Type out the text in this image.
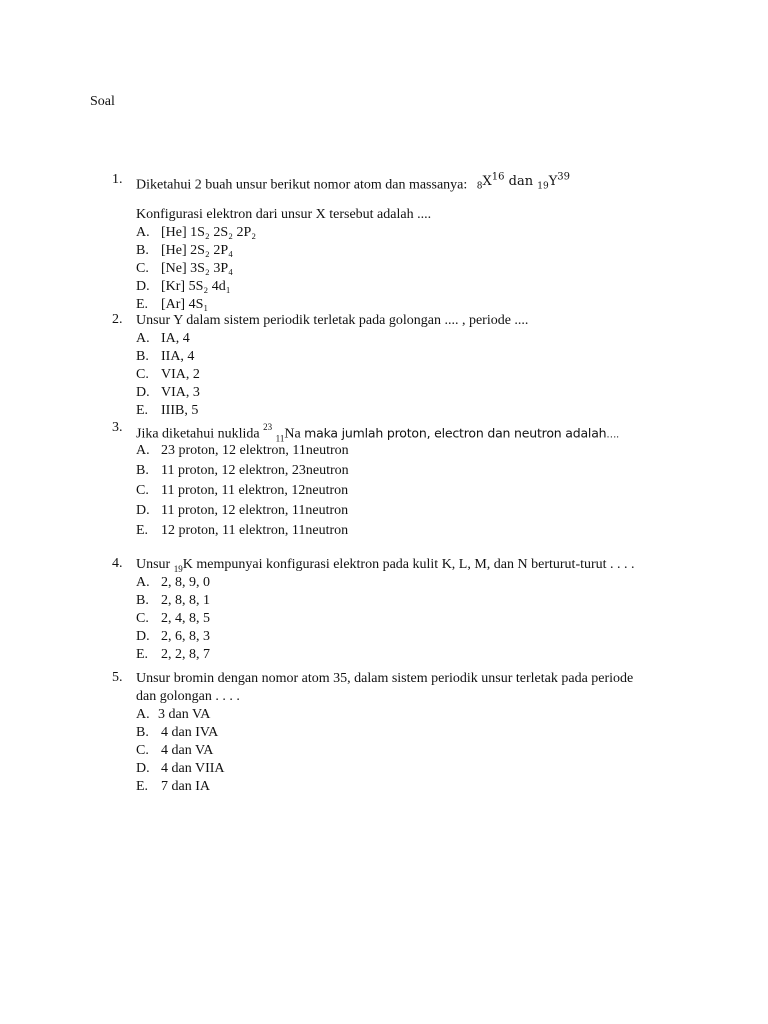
Soal
1. Diketahui 2 buah unsur berikut nomor atom dan massanya: $_8X^{16}$ dan $_{19}Y^{39}$
Konfigurasi elektron dari unsur X tersebut adalah ....
A. [He] 1S₂ 2S₂ 2P₂
B. [He] 2S₂ 2P₄
C. [Ne] 3S₂ 3P₄
D. [Kr] 5S₂ 4d₁
E. [Ar] 4S₁
2. Unsur Y dalam sistem periodik terletak pada golongan .... , periode ....
A. IA, 4
B. IIA, 4
C. VIA, 2
D. VIA, 3
E. IIIB, 5
3. Jika diketahui nuklida $^{23}$ $_{11}$Na maka jumlah proton, electron dan neutron adalah….
A. 23 proton, 12 elektron, 11neutron
B. 11 proton, 12 elektron, 23neutron
C. 11 proton, 11 elektron, 12neutron
D. 11 proton, 12 elektron, 11neutron
E. 12 proton, 11 elektron, 11neutron
4. Unsur $_{19}$K mempunyai konfigurasi elektron pada kulit K, L, M, dan N berturut-turut . . . .
A. 2, 8, 9, 0
B. 2, 8, 8, 1
C. 2, 4, 8, 5
D. 2, 6, 8, 3
E. 2, 2, 8, 7
5. Unsur bromin dengan nomor atom 35, dalam sistem periodik unsur terletak pada periode
dan golongan . . . .
A. 3 dan VA
B. 4 dan IVA
C. 4 dan VA
D. 4 dan VIIA
E. 7 dan IA
